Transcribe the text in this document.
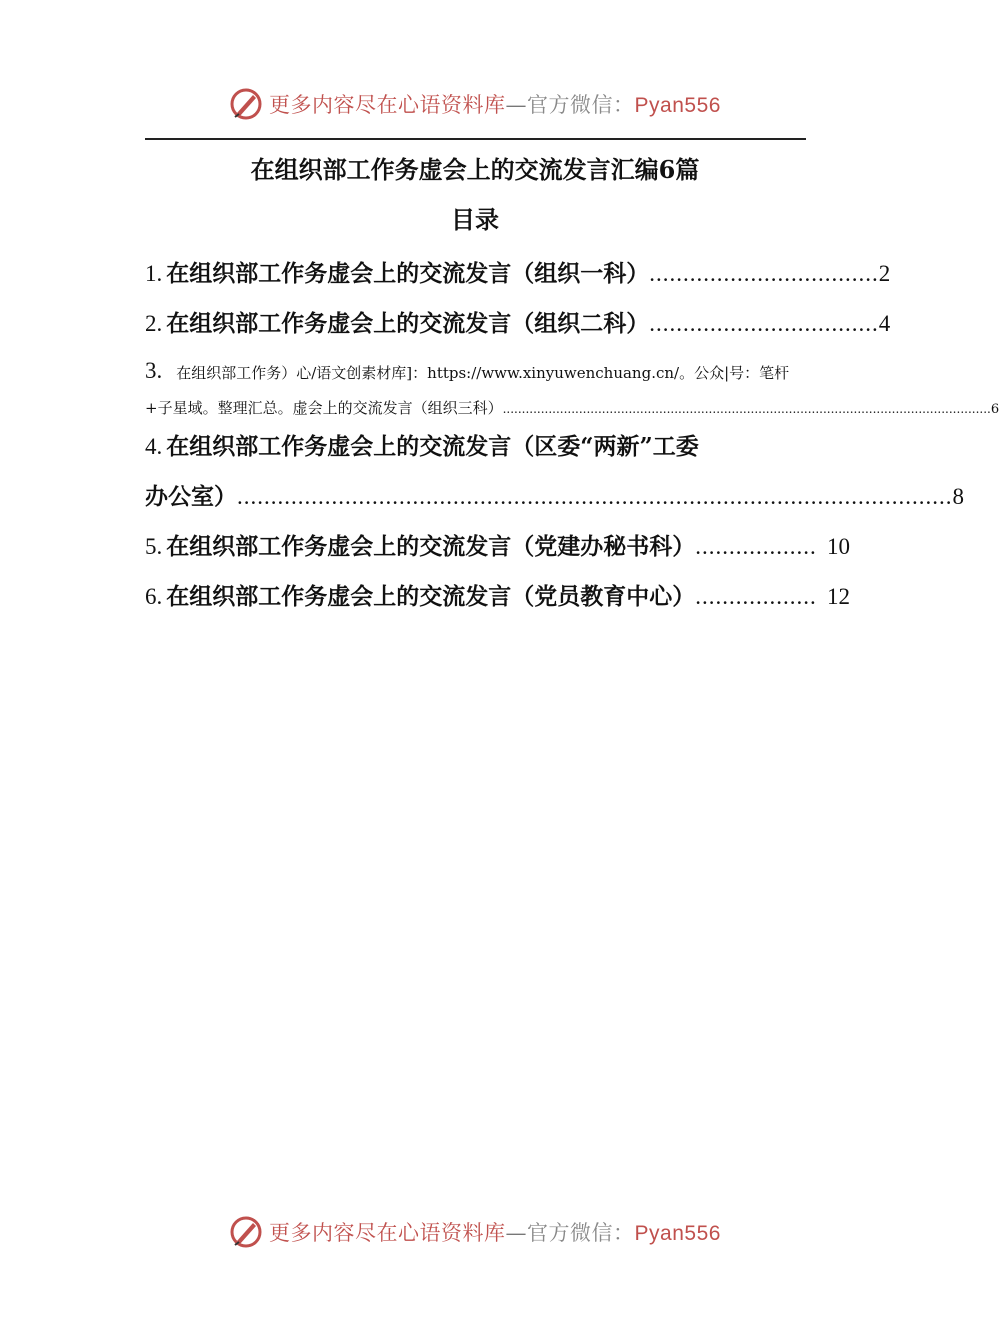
更多内容尽在心语资料库—官方微信：Pyan556
在组织部工作务虚会上的交流发言汇编6篇
目录
1. 在组织部工作务虚会上的交流发言（组织一科） .................................. 2
2. 在组织部工作务虚会上的交流发言（组织二科） .................................. 4
3. 在组织部工作务）心/语文创素材库]：https://www.xinyuwenchuang.cn/。公众|号：笔杆
+子星域。整理汇总。虚会上的交流发言（组织三科） ................................................................................................................................ 6
4. 在组织部工作务虚会上的交流发言（区委“两新”工委
办公室） .......................................................................................................... 8
5. 在组织部工作务虚会上的交流发言（党建办秘书科） .................. 10
6. 在组织部工作务虚会上的交流发言（党员教育中心） .................. 12
更多内容尽在心语资料库—官方微信：Pyan556
